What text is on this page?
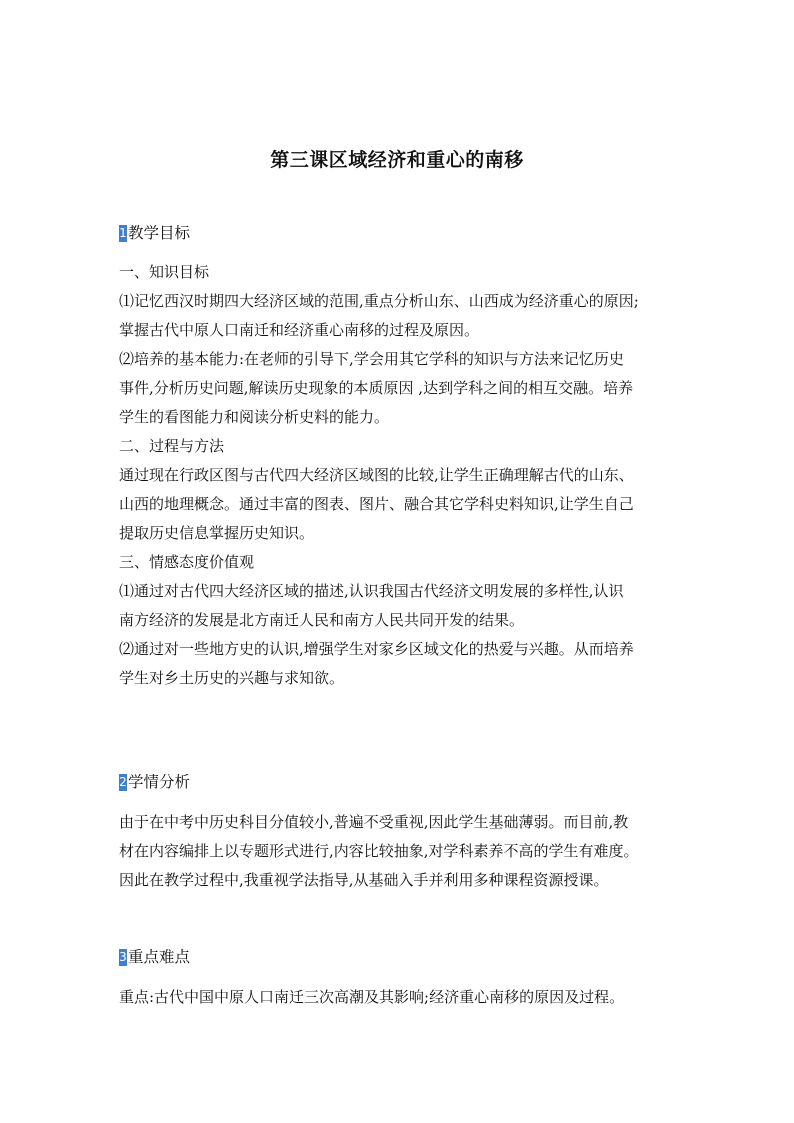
第三课区域经济和重心的南移
1教学目标
一、知识目标
⑴记忆西汉时期四大经济区域的范围,重点分析山东、山西成为经济重心的原因;
掌握古代中原人口南迁和经济重心南移的过程及原因。
⑵培养的基本能力:在老师的引导下,学会用其它学科的知识与方法来记忆历史
事件,分析历史问题,解读历史现象的本质原因 ,达到学科之间的相互交融。培养
学生的看图能力和阅读分析史料的能力。
二、过程与方法
通过现在行政区图与古代四大经济区域图的比较,让学生正确理解古代的山东、
山西的地理概念。通过丰富的图表、图片、融合其它学科史料知识,让学生自己
提取历史信息掌握历史知识。
三、情感态度价值观
⑴通过对古代四大经济区域的描述,认识我国古代经济文明发展的多样性,认识
南方经济的发展是北方南迁人民和南方人民共同开发的结果。
⑵通过对一些地方史的认识,增强学生对家乡区域文化的热爱与兴趣。从而培养
学生对乡土历史的兴趣与求知欲。
2学情分析
由于在中考中历史科目分值较小,普遍不受重视,因此学生基础薄弱。而目前,教
材在内容编排上以专题形式进行,内容比较抽象,对学科素养不高的学生有难度。
因此在教学过程中,我重视学法指导,从基础入手并利用多种课程资源授课。
3重点难点
重点:古代中国中原人口南迁三次高潮及其影响;经济重心南移的原因及过程。
